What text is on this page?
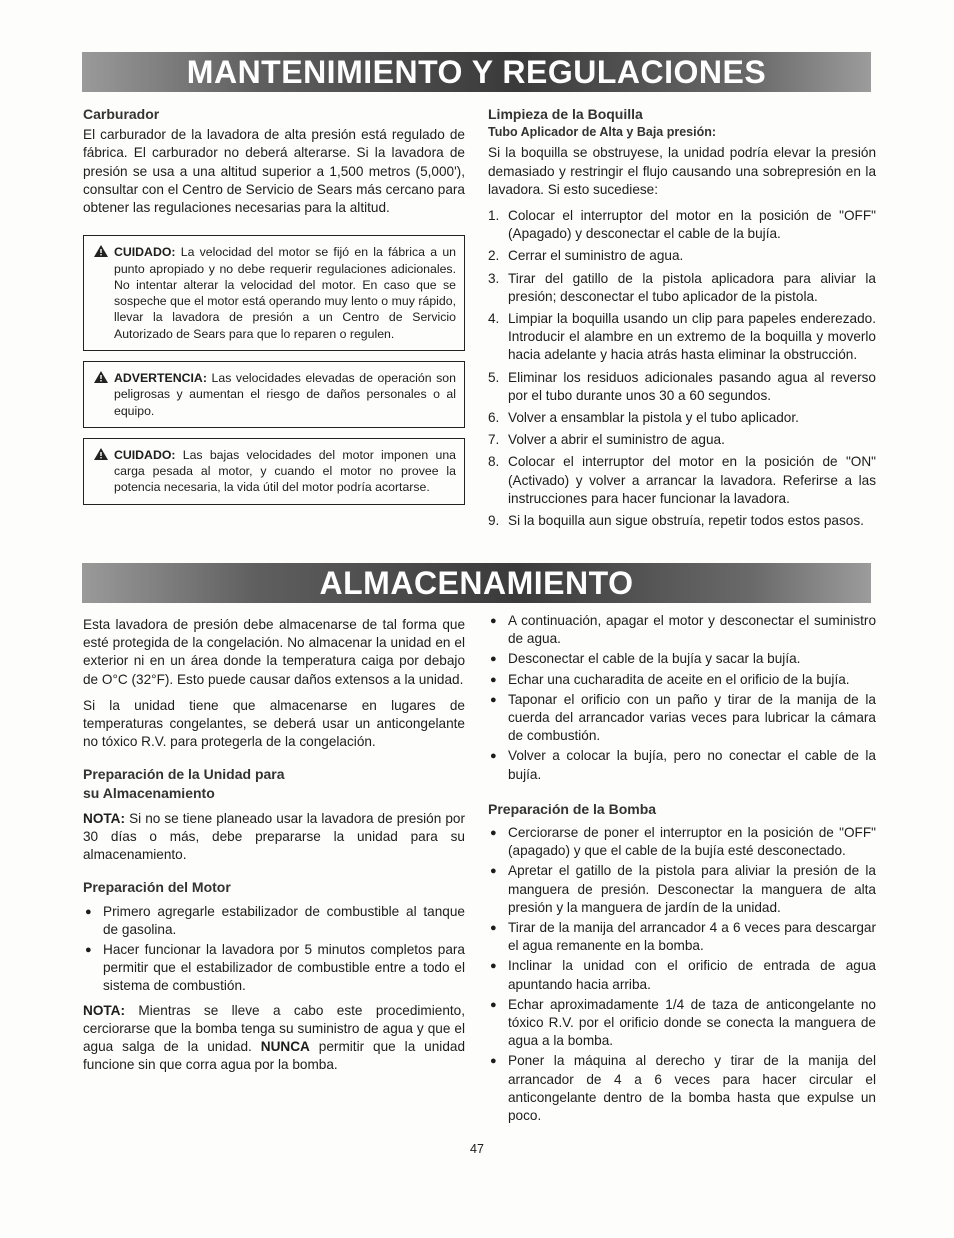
MANTENIMIENTO Y REGULACIONES
Carburador

El carburador de la lavadora de alta presión está regulado de fábrica. El carburador no deberá alterarse. Si la lavadora de presión se usa a una altitud superior a 1,500 metros (5,000'), consultar con el Centro de Servicio de Sears más cercano para obtener las regulaciones necesarias para la altitud.

CUIDADO: La velocidad del motor se fijó en la fábrica a un punto apropiado y no debe requerir regulaciones adicionales. No intentar alterar la velocidad del motor. En caso que se sospeche que el motor está operando muy lento o muy rápido, llevar la lavadora de presión a un Centro de Servicio Autorizado de Sears para que lo reparen o regulen.
ADVERTENCIA: Las velocidades elevadas de operación son peligrosas y aumentan el riesgo de daños personales o al equipo.
CUIDADO: Las bajas velocidades del motor imponen una carga pesada al motor, y cuando el motor no provee la potencia necesaria, la vida útil del motor podría acortarse.
Limpieza de la Boquilla
Tubo Aplicador de Alta y Baja presión:

Si la boquilla se obstruyese, la unidad podría elevar la presión demasiado y restringir el flujo causando una sobrepresión en la lavadora. Si esto sucediese:

1. Colocar el interruptor del motor en la posición de "OFF" (Apagado) y desconectar el cable de la bujía.
2. Cerrar el suministro de agua.
3. Tirar del gatillo de la pistola aplicadora para aliviar la presión; desconectar el tubo aplicador de la pistola.
4. Limpiar la boquilla usando un clip para papeles enderezado. Introducir el alambre en un extremo de la boquilla y moverlo hacia adelante y hacia atrás hasta eliminar la obstrucción.
5. Eliminar los residuos adicionales pasando agua al reverso por el tubo durante unos 30 a 60 segundos.
6. Volver a ensamblar la pistola y el tubo aplicador.
7. Volver a abrir el suministro de agua.
8. Colocar el interruptor del motor en la posición de "ON" (Activado) y volver a arrancar la lavadora. Referirse a las instrucciones para hacer funcionar la lavadora.
9. Si la boquilla aun sigue obstruía, repetir todos estos pasos.
ALMACENAMIENTO

Esta lavadora de presión debe almacenarse de tal forma que esté protegida de la congelación. No almacenar la unidad en el exterior ni en un área donde la temperatura caiga por debajo de O°C (32°F). Esto puede causar daños extensos a la unidad.

Si la unidad tiene que almacenarse en lugares de temperaturas congelantes, se deberá usar un anticongelante no tóxico R.V. para protegerla de la congelación.

Preparación de la Unidad para
su Almacenamiento

NOTA: Si no se tiene planeado usar la lavadora de presión por 30 días o más, debe prepararse la unidad para su almacenamiento.

Preparación del Motor
● Primero agregarle estabilizador de combustible al tanque de gasolina.
● Hacer funcionar la lavadora por 5 minutos completos para permitir que el estabilizador de combustible entre a todo el sistema de combustión.

NOTA: Mientras se lleve a cabo este procedimiento, cerciorarse que la bomba tenga su suministro de agua y que el agua salga de la unidad. NUNCA permitir que la unidad funcione sin que corra agua por la bomba.

● A continuación, apagar el motor y desconectar el suministro de agua.
● Desconectar el cable de la bujía y sacar la bujía.
● Echar una cucharadita de aceite en el orificio de la bujía.
● Taponar el orificio con un paño y tirar de la manija de la cuerda del arrancador varias veces para lubricar la cámara de combustión.
● Volver a colocar la bujía, pero no conectar el cable de la bujía.
Preparación de la Bomba
● Cerciorarse de poner el interruptor en la posición de "OFF" (apagado) y que el cable de la bujía esté desconectado.
● Apretar el gatillo de la pistola para aliviar la presión de la manguera de presión. Desconectar la manguera de alta presión y la manguera de jardín de la unidad.
● Tirar de la manija del arrancador 4 a 6 veces para descargar el agua remanente en la bomba.
● Inclinar la unidad con el orificio de entrada de agua apuntando hacia arriba.
● Echar aproximadamente 1/4 de taza de anticongelante no tóxico R.V. por el orificio donde se conecta la manguera de agua a la bomba.
● Poner la máquina al derecho y tirar de la manija del arrancador de 4 a 6 veces para hacer circular el anticongelante dentro de la bomba hasta que expulse un poco.
47
